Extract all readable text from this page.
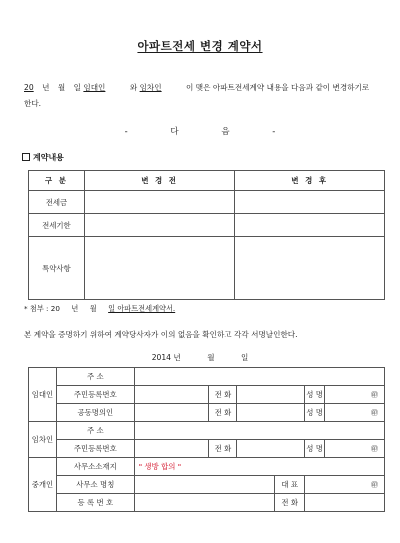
아파트전세 변경 계약서
20 년 월 일 임대인	와 임차인	이 맺은 아파트전세계약 내용을 다음과 같이 변경하기로
한다.
-	다	음	-
계약내용
구 분	변 경 전	변 경 후
전세금		
전세기한		
특약사항		
* 첨부 : 20 년 월 일 아파트전세계약서.
본 계약을 증명하기 위하여 계약당사자가 이의 없음을 확인하고 각각 서명날인한다.
2014 년	월	일
임대인	주 소						
	주민등록번호		전 화			성 명	㊞
	공동명의인		전 화			성 명	㊞
임차인	주 소						
	주민등록번호		전 화			성 명	㊞
중개인	사무소소재지	" 생방 합의 "					
	사무소 명칭				대 표	㊞	
	등 록 번 호				전 화		
